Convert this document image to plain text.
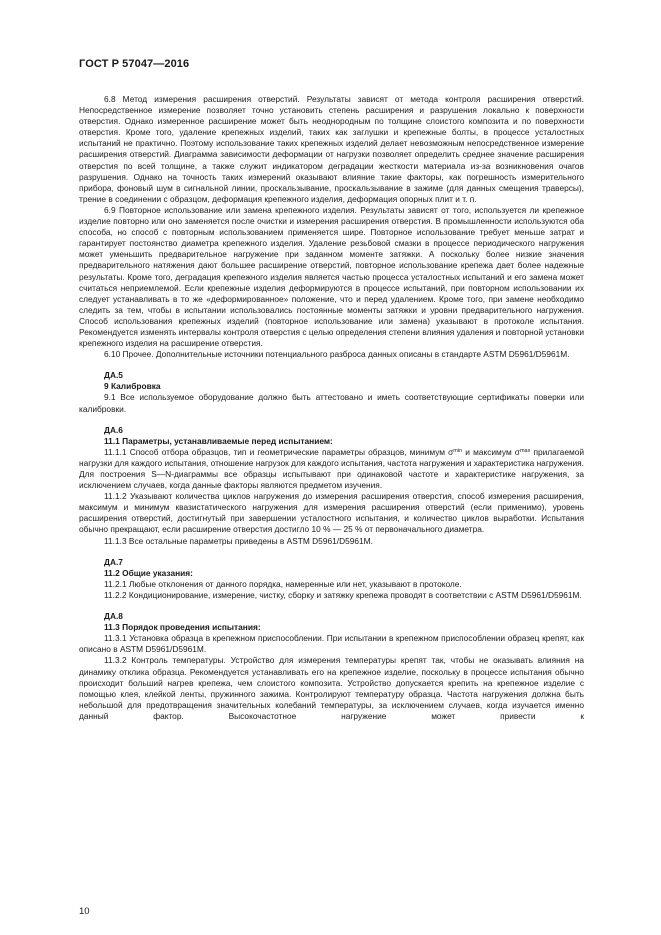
ГОСТ Р 57047—2016

6.8 Метод измерения расширения отверстий. Результаты зависят от метода контроля расширения отверстий. Непосредственное измерение позволяет точно установить степень расширения и разрушения локально к поверхности отверстия. Однако измеренное расширение может быть неоднородным по толщине слоистого композита и по поверхности отверстия. Кроме того, удаление крепежных изделий, таких как заглушки и крепежные болты, в процессе усталостных испытаний не практично. Поэтому использование таких крепежных изделий делает невозможным непосредственное измерение расширения отверстий. Диаграмма зависимости деформации от нагрузки позволяет определить среднее значение расширения отверстия по всей толщине, а также служит индикатором деградации жесткости материала из-за возникновения очагов разрушения. Однако на точность таких измерений оказывают влияние такие факторы, как погрешность измерительного прибора, фоновый шум в сигнальной линии, проскальзывание, проскальзывание в зажиме (для данных смещения траверсы), трение в соединении с образцом, деформация крепежного изделия, деформация опорных плит и т. п.

6.9 Повторное использование или замена крепежного изделия. Результаты зависят от того, используется ли крепежное изделие повторно или оно заменяется после очистки и измерения расширения отверстия. В промышленности используются оба способа, но способ с повторным использованием применяется шире. Повторное использование требует меньше затрат и гарантирует постоянство диаметра крепежного изделия. Удаление резьбовой смазки в процессе периодического нагружения может уменьшить предварительное нагружение при заданном моменте затяжки. А поскольку более низкие значения предварительного натяжения дают большее расширение отверстий, повторное использование крепежа дает более надежные результаты. Кроме того, деградация крепежного изделия является частью процесса усталостных испытаний и его замена может считаться неприемлемой. Если крепежные изделия деформируются в процессе испытаний, при повторном использовании их следует устанавливать в то же «деформированное» положение, что и перед удалением. Кроме того, при замене необходимо следить за тем, чтобы в испытании использовались постоянные моменты затяжки и уровни предварительного нагружения. Способ использования крепежных изделий (повторное использование или замена) указывают в протоколе испытания. Рекомендуется изменять интервалы контроля отверстия с целью определения степени влияния удаления и повторной установки крепежного изделия на расширение отверстия.

6.10 Прочее. Дополнительные источники потенциального разброса данных описаны в стандарте ASTM D5961/D5961M.

ДА.5

9 Калибровка

9.1 Все используемое оборудование должно быть аттестовано и иметь соответствующие сертификаты поверки или калибровки.

ДА.6

11.1 Параметры, устанавливаемые перед испытанием:

11.1.1 Способ отбора образцов, тип и геометрические параметры образцов, минимум $\sigma^{min}$ и максимум $\sigma^{max}$ прилагаемой нагрузки для каждого испытания, отношение нагрузок для каждого испытания, частота нагружения и характеристика нагружения. Для построения S—N-диаграммы все образцы испытывают при одинаковой частоте и характеристике нагружения, за исключением случаев, когда данные факторы являются предметом изучения.

11.1.2 Указывают количества циклов нагружения до измерения расширения отверстия, способ измерения расширения, максимум и минимум квазистатического нагружения для измерения расширения отверстий (если применимо), уровень расширения отверстий, достигнутый при завершении усталостного испытания, и количество циклов выработки. Испытания обычно прекращают, если расширение отверстия достигло 10 % — 25 % от первоначального диаметра.

11.1.3 Все остальные параметры приведены в ASTM D5961/D5961M.

ДА.7

11.2 Общие указания:

11.2.1 Любые отклонения от данного порядка, намеренные или нет, указывают в протоколе.

11.2.2 Кондиционирование, измерение, чистку, сборку и затяжку крепежа проводят в соответствии с ASTM D5961/D5961M.

ДА.8

11.3 Порядок проведения испытания:

11.3.1 Установка образца в крепежном приспособлении. При испытании в крепежном приспособлении образец крепят, как описано в ASTM D5961/D5961M.

11.3.2 Контроль температуры. Устройство для измерения температуры крепят так, чтобы не оказывать влияния на динамику отклика образца. Рекомендуется устанавливать его на крепежное изделие, поскольку в процессе испытания обычно происходит больший нагрев крепежа, чем слоистого композита. Устройство допускается крепить на крепежное изделие с помощью клея, клейкой ленты, пружинного зажима. Контролируют температуру образца. Частота нагружения должна быть небольшой для предотвращения значительных колебаний температуры, за исключением случаев, когда изучается именно данный фактор. Высокочастотное нагружение может привести к

10
